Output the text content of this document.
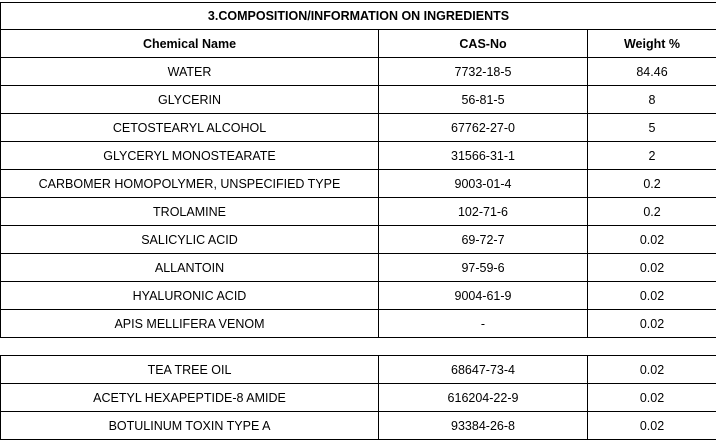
3.COMPOSITION/INFORMATION ON INGREDIENTS		
Chemical Name	CAS-No	Weight %
WATER	7732-18-5	84.46
GLYCERIN	56-81-5	8
CETOSTEARYL ALCOHOL	67762-27-0	5
GLYCERYL MONOSTEARATE	31566-31-1	2
CARBOMER HOMOPOLYMER, UNSPECIFIED TYPE	9003-01-4	0.2
TROLAMINE	102-71-6	0.2
SALICYLIC ACID	69-72-7	0.02
ALLANTOIN	97-59-6	0.02
HYALURONIC ACID	9004-61-9	0.02
APIS MELLIFERA VENOM	-	0.02
TEA TREE OIL	68647-73-4	0.02
ACETYL HEXAPEPTIDE-8 AMIDE	616204-22-9	0.02
BOTULINUM TOXIN TYPE A	93384-26-8	0.02
